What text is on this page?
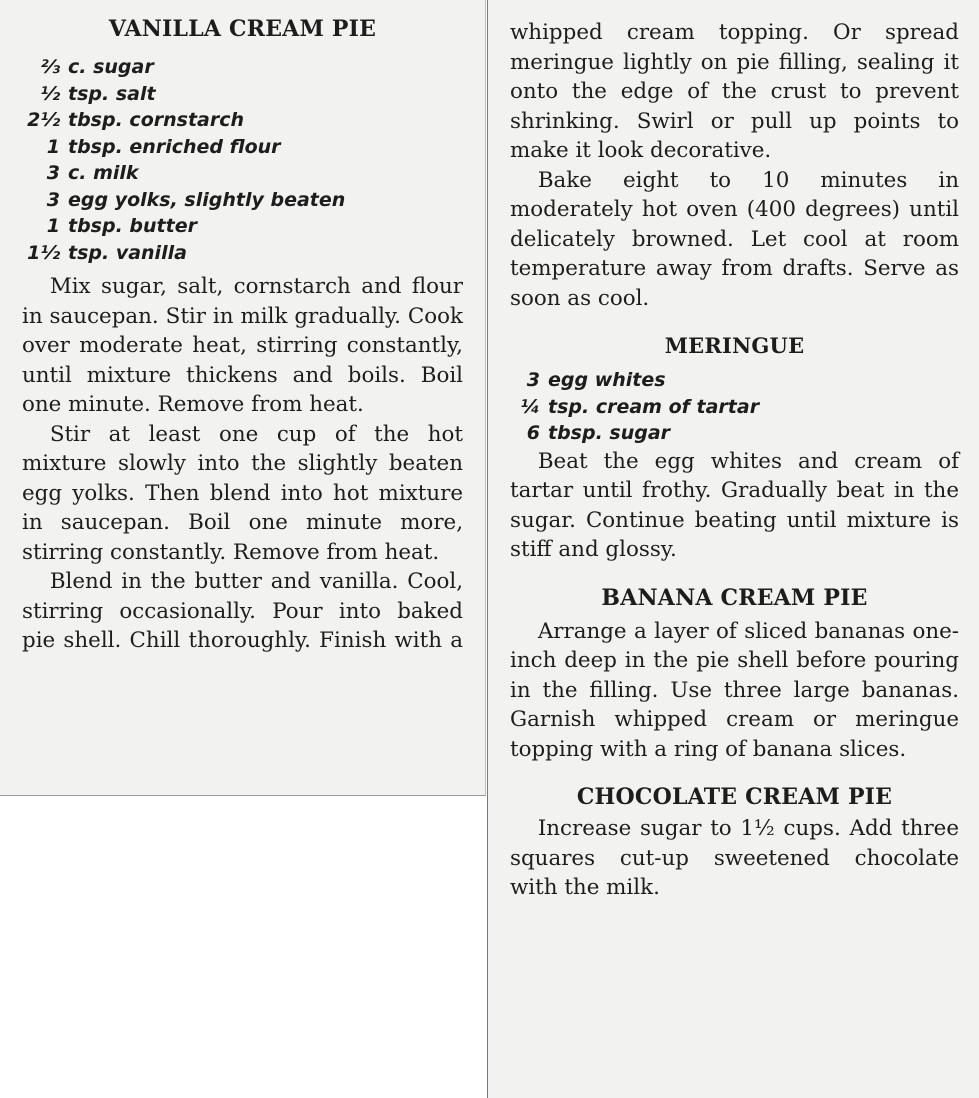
VANILLA CREAM PIE
⅔ c. sugar
½ tsp. salt
2½ tbsp. cornstarch
1 tbsp. enriched flour
3 c. milk
3 egg yolks, slightly beaten
1 tbsp. butter
1½ tsp. vanilla

Mix sugar, salt, cornstarch and flour in saucepan. Stir in milk gradually. Cook over moderate heat, stirring constantly, until mixture thickens and boils. Boil one minute. Remove from heat.

Stir at least one cup of the hot mixture slowly into the slightly beaten egg yolks. Then blend into hot mixture in saucepan. Boil one minute more, stirring constantly. Remove from heat.

Blend in the butter and vanilla. Cool, stirring occasionally. Pour into baked pie shell. Chill thoroughly. Finish with a

whipped cream topping. Or spread meringue lightly on pie filling, sealing it onto the edge of the crust to prevent shrinking. Swirl or pull up points to make it look decorative.

Bake eight to 10 minutes in moderately hot oven (400 degrees) until delicately browned. Let cool at room temperature away from drafts. Serve as soon as cool.

MERINGUE
3 egg whites
¼ tsp. cream of tartar
6 tbsp. sugar

Beat the egg whites and cream of tartar until frothy. Gradually beat in the sugar. Continue beating until mixture is stiff and glossy.

BANANA CREAM PIE

Arrange a layer of sliced bananas one-inch deep in the pie shell before pouring in the filling. Use three large bananas. Garnish whipped cream or meringue topping with a ring of banana slices.

CHOCOLATE CREAM PIE

Increase sugar to 1½ cups. Add three squares cut-up sweetened chocolate with the milk.
